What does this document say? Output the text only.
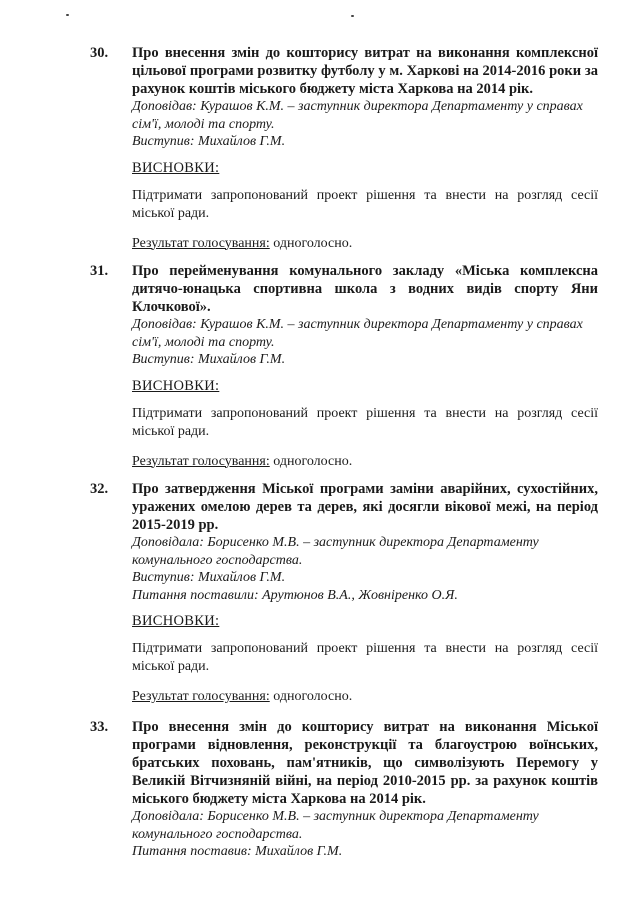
30. Про внесення змін до кошторису витрат на виконання комплексної цільової програми розвитку футболу у м. Харкові на 2014-2016 роки за рахунок коштів міського бюджету міста Харкова на 2014 рік.

Доповідав: Курашов К.М. – заступник директора Департаменту у справах сім'ї, молоді та спорту.

Виступив: Михайлов Г.М.

ВИСНОВКИ:

Підтримати запропонований проект рішення та внести на розгляд сесії міської ради.

Результат голосування: одноголосно.

31. Про перейменування комунального закладу «Міська комплексна дитячо-юнацька спортивна школа з водних видів спорту Яни Клочкової».

Доповідав: Курашов К.М. – заступник директора Департаменту у справах сім'ї, молоді та спорту.

Виступив: Михайлов Г.М.

ВИСНОВКИ:

Підтримати запропонований проект рішення та внести на розгляд сесії міської ради.

Результат голосування: одноголосно.

32. Про затвердження Міської програми заміни аварійних, сухостійних, уражених омелою дерев та дерев, які досягли вікової межі, на період 2015-2019 рр.

Доповідала: Борисенко М.В. – заступник директора Департаменту комунального господарства.

Виступив: Михайлов Г.М.

Питання поставили: Арутюнов В.А., Жовніренко О.Я.

ВИСНОВКИ:

Підтримати запропонований проект рішення та внести на розгляд сесії міської ради.

Результат голосування: одноголосно.

33. Про внесення змін до кошторису витрат на виконання Міської програми відновлення, реконструкції та благоустрою воїнських, братських поховань, пам'ятників, що символізують Перемогу у Великій Вітчизняній війні, на період 2010-2015 рр. за рахунок коштів міського бюджету міста Харкова на 2014 рік.

Доповідала: Борисенко М.В. – заступник директора Департаменту комунального господарства.

Питання поставив: Михайлов Г.М.
